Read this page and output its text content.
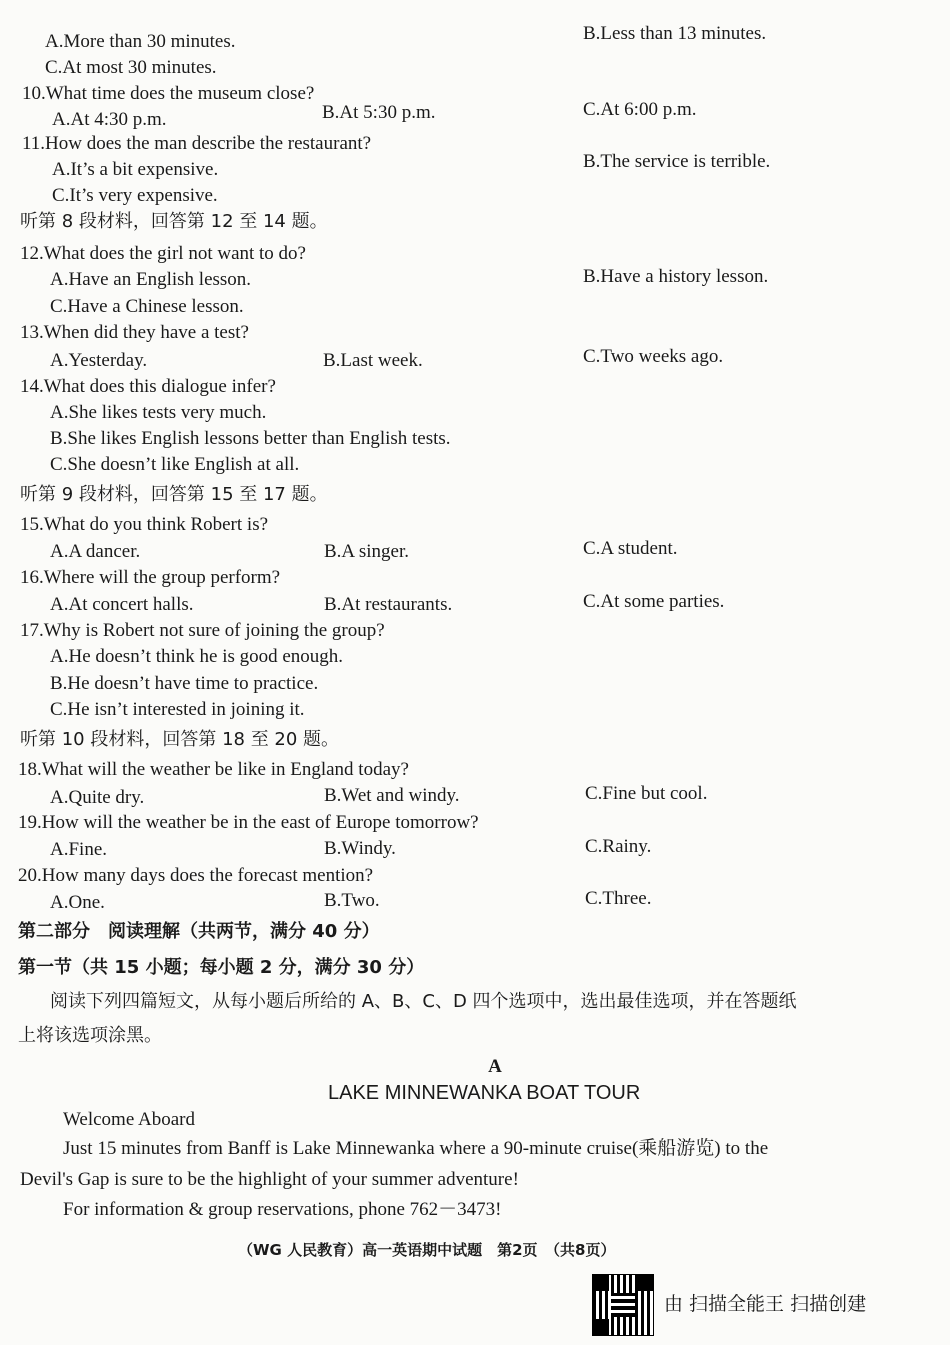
A.More than 30 minutes.	B.Less than 13 minutes.
C.At most 30 minutes.
10.What time does the museum close?
A.At 4:30 p.m.	B.At 5:30 p.m.	C.At 6:00 p.m.
11.How does the man describe the restaurant?
A.It’s a bit expensive.	B.The service is terrible.
C.It’s very expensive.
听第 8 段材料，回答第 12 至 14 题。
12.What does the girl not want to do?
A.Have an English lesson.	B.Have a history lesson.
C.Have a Chinese lesson.
13.When did they have a test?
A.Yesterday.	B.Last week.	C.Two weeks ago.
14.What does this dialogue infer?
A.She likes tests very much.
B.She likes English lessons better than English tests.
C.She doesn’t like English at all.
听第 9 段材料，回答第 15 至 17 题。
15.What do you think Robert is?
A.A dancer.	B.A singer.	C.A student.
16.Where will the group perform?
A.At concert halls.	B.At restaurants.	C.At some parties.
17.Why is Robert not sure of joining the group?
A.He doesn’t think he is good enough.
B.He doesn’t have time to practice.
C.He isn’t interested in joining it.
听第 10 段材料，回答第 18 至 20 题。
18.What will the weather be like in England today?
A.Quite dry.	B.Wet and windy.	C.Fine but cool.
19.How will the weather be in the east of Europe tomorrow?
A.Fine.	B.Windy.	C.Rainy.
20.How many days does the forecast mention?
A.One.	B.Two.	C.Three.
第二部分　阅读理解（共两节，满分 40 分）
第一节（共 15 小题；每小题 2 分，满分 30 分）
阅读下列四篇短文，从每小题后所给的 A、B、C、D 四个选项中，选出最佳选项，并在答题纸
上将该选项涂黑。
A
LAKE MINNEWANKA BOAT TOUR
Welcome Aboard
Just 15 minutes from Banff is Lake Minnewanka where a 90-minute cruise(乘船游览) to the
Devil's Gap is sure to be the highlight of your summer adventure!
For information & group reservations, phone 762－3473!
（WG 人民教育）高一英语期中试题　第2页　（共8页）
由 扫描全能王 扫描创建
